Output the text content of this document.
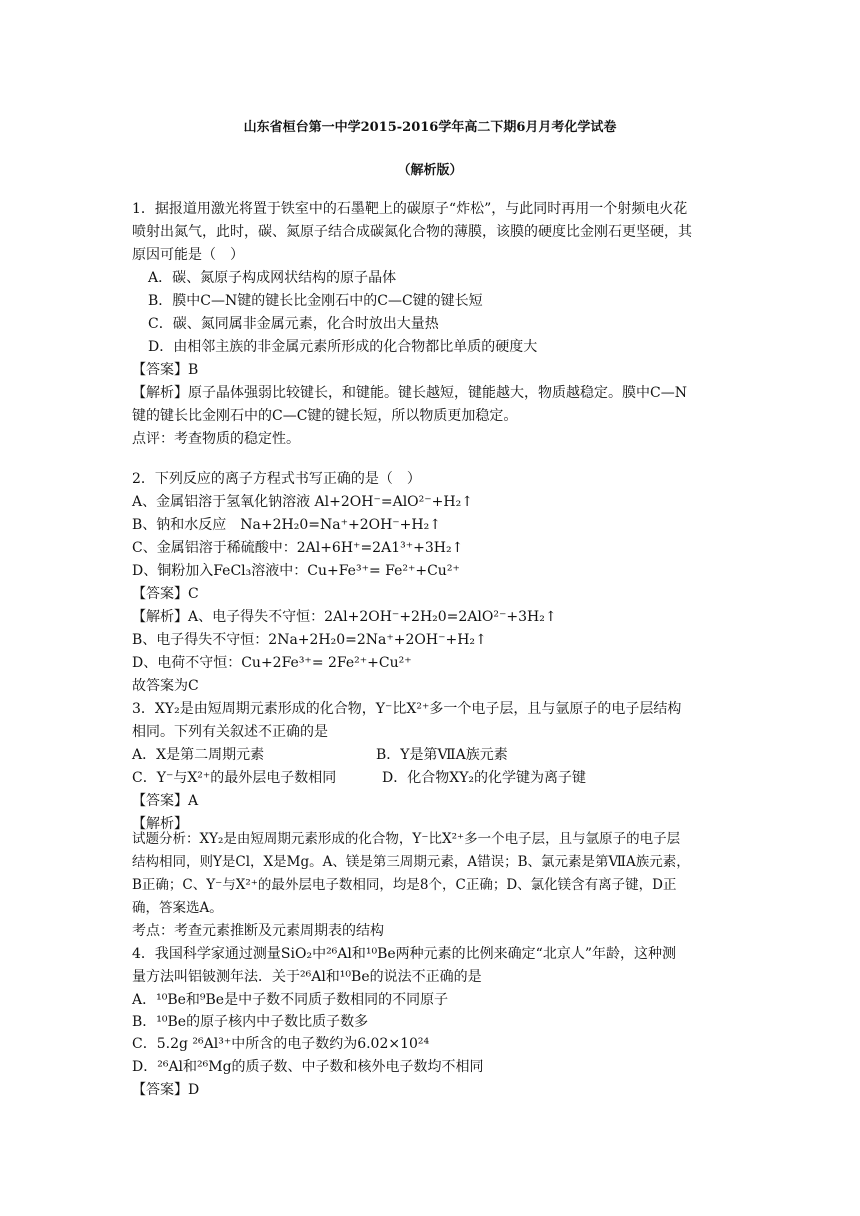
山东省桓台第一中学2015-2016学年高二下期6月月考化学试卷
（解析版）
1．据报道用激光将置于铁室中的石墨靶上的碳原子“炸松”，与此同时再用一个射频电火花
喷射出氮气，此时，碳、氮原子结合成碳氮化合物的薄膜，该膜的硬度比金刚石更坚硬，其
原因可能是（　）
A．碳、氮原子构成网状结构的原子晶体
B．膜中C—N键的键长比金刚石中的C—C键的键长短
C．碳、氮同属非金属元素，化合时放出大量热
D．由相邻主族的非金属元素所形成的化合物都比单质的硬度大
【答案】B
【解析】原子晶体强弱比较键长，和键能。键长越短，键能越大，物质越稳定。膜中C—N
键的键长比金刚石中的C—C键的键长短，所以物质更加稳定。
点评：考查物质的稳定性。
2．下列反应的离子方程式书写正确的是（　）
A、金属铝溶于氢氧化钠溶液 Al+2OH⁻=AlO²⁻+H₂↑
B、钠和水反应　Na+2H₂0=Na⁺+2OH⁻+H₂↑
C、金属铝溶于稀硫酸中：2Al+6H⁺=2A1³⁺+3H₂↑
D、铜粉加入FeCl₃溶液中：Cu+Fe³⁺= Fe²⁺+Cu²⁺
【答案】C
【解析】A、电子得失不守恒：2Al+2OH⁻+2H₂0=2AlO²⁻+3H₂↑
B、电子得失不守恒：2Na+2H₂0=2Na⁺+2OH⁻+H₂↑
D、电荷不守恒：Cu+2Fe³⁺= 2Fe²⁺+Cu²⁺
故答案为C
3．XY₂是由短周期元素形成的化合物，Y⁻比X²⁺多一个电子层，且与氩原子的电子层结构
相同。下列有关叙述不正确的是
A．X是第二周期元素	B．Y是第ⅦA族元素
C．Y⁻与X²⁺的最外层电子数相同	D．化合物XY₂的化学键为离子键
【答案】A
【解析】
试题分析：XY₂是由短周期元素形成的化合物，Y⁻比X²⁺多一个电子层，且与氩原子的电子层
结构相同，则Y是Cl，X是Mg。A、镁是第三周期元素，A错误；B、氯元素是第ⅦA族元素，
B正确；C、Y⁻与X²⁺的最外层电子数相同，均是8个，C正确；D、氯化镁含有离子键，D正
确，答案选A。
考点：考查元素推断及元素周期表的结构
4．我国科学家通过测量SiO₂中²⁶Al和¹⁰Be两种元素的比例来确定“北京人”年龄，这种测
量方法叫铝铍测年法．关于²⁶Al和¹⁰Be的说法不正确的是
A．¹⁰Be和⁹Be是中子数不同质子数相同的不同原子
B．¹⁰Be的原子核内中子数比质子数多
C．5.2g ²⁶Al³⁺中所含的电子数约为6.02×10²⁴
D．²⁶Al和²⁶Mg的质子数、中子数和核外电子数均不相同
【答案】D
